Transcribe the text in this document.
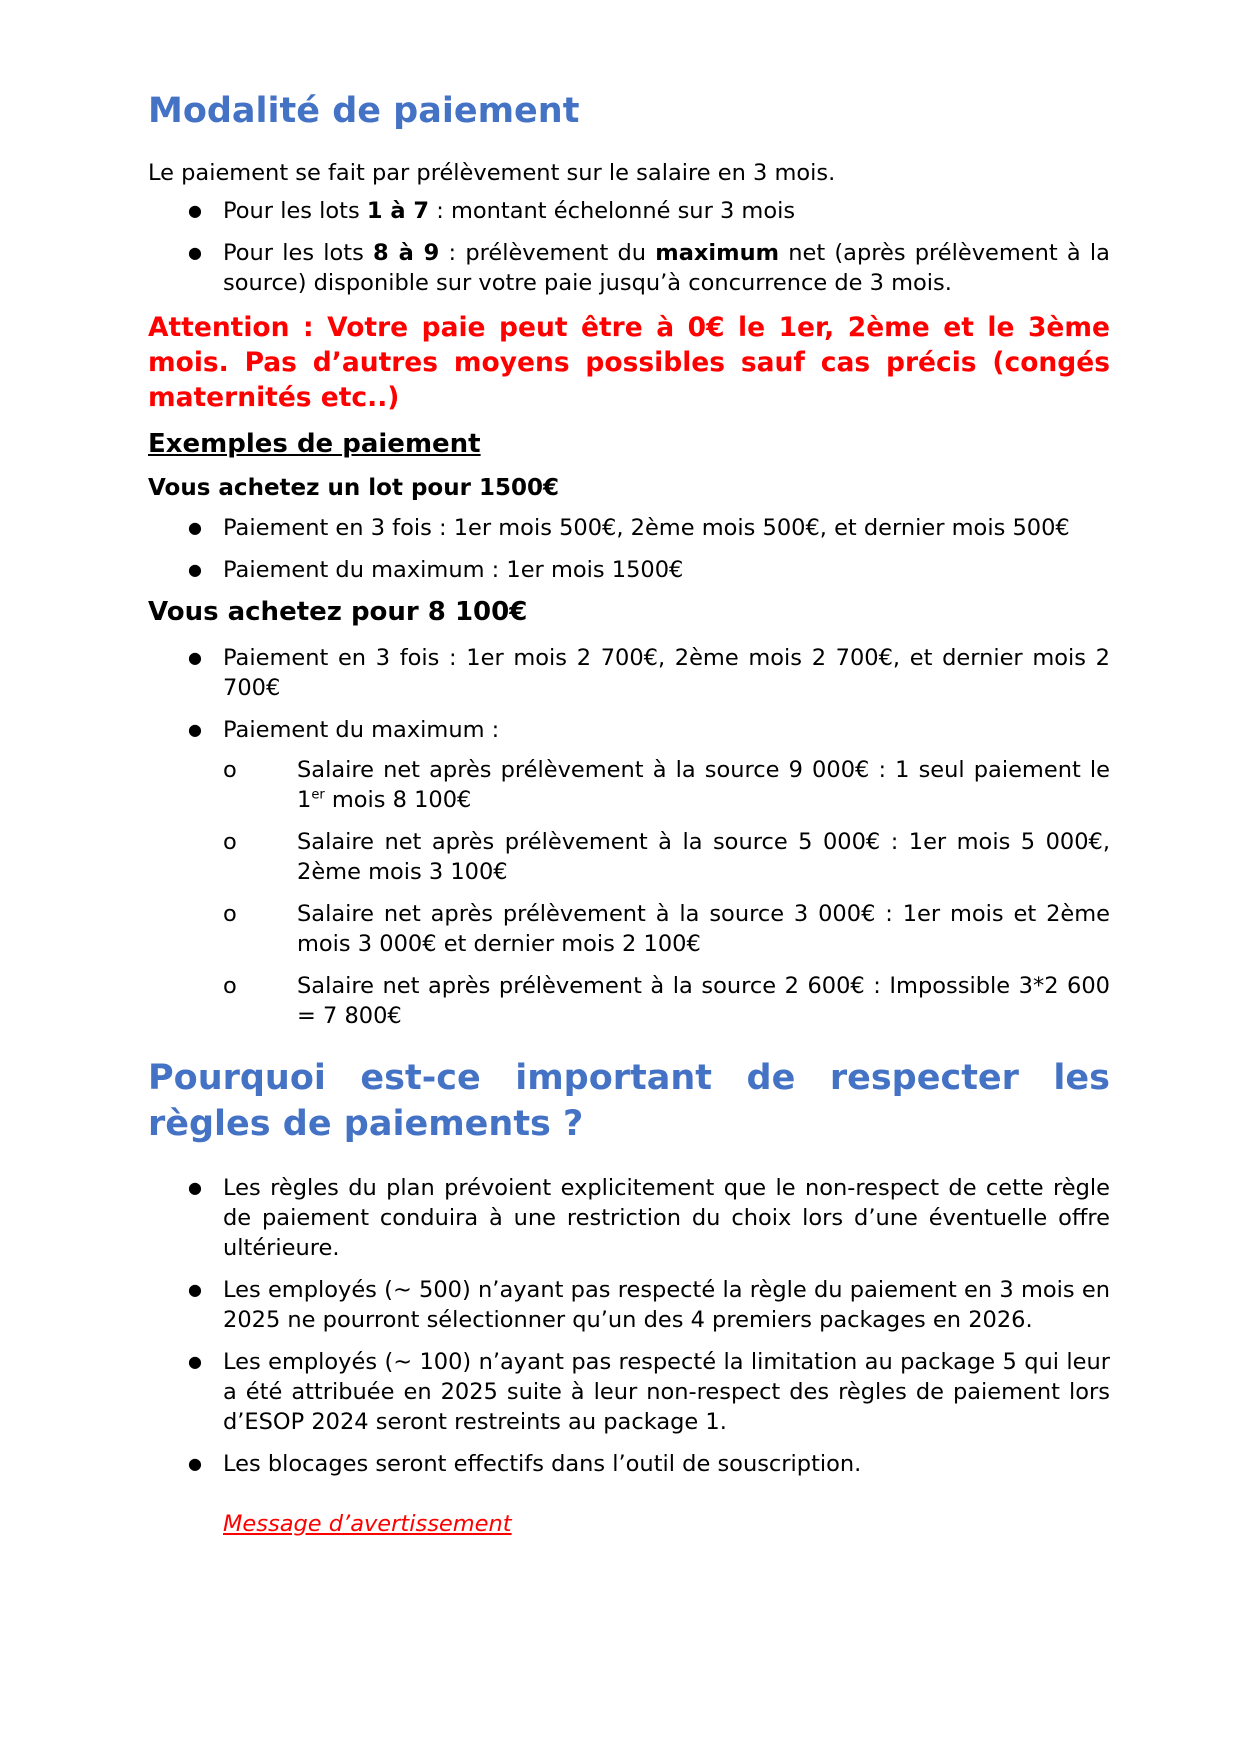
Modalité de paiement

Le paiement se fait par prélèvement sur le salaire en 3 mois.

● Pour les lots 1 à 7 : montant échelonné sur 3 mois
● Pour les lots 8 à 9 : prélèvement du maximum net (après prélèvement à la source) disponible sur votre paie jusqu’à concurrence de 3 mois.

Attention : Votre paie peut être à 0€ le 1er, 2ème et le 3ème mois. Pas d’autres moyens possibles sauf cas précis (congés maternités etc..)

Exemples de paiement

Vous achetez un lot pour 1500€

● Paiement en 3 fois : 1er mois 500€, 2ème mois 500€, et dernier mois 500€
● Paiement du maximum : 1er mois 1500€

Vous achetez pour 8 100€

● Paiement en 3 fois : 1er mois 2 700€, 2ème mois 2 700€, et dernier mois 2 700€
● Paiement du maximum :
o	Salaire net après prélèvement à la source 9 000€ : 1 seul paiement le 1er mois 8 100€
o	Salaire net après prélèvement à la source 5 000€ : 1er mois 5 000€, 2ème mois 3 100€
o	Salaire net après prélèvement à la source 3 000€ : 1er mois et 2ème mois 3 000€ et dernier mois 2 100€
o	Salaire net après prélèvement à la source 2 600€ : Impossible 3*2 600 = 7 800€
Pourquoi est-ce important de respecter les règles de paiements ?
● Les règles du plan prévoient explicitement que le non-respect de cette règle de paiement conduira à une restriction du choix lors d’une éventuelle offre ultérieure.
● Les employés (~ 500) n’ayant pas respecté la règle du paiement en 3 mois en 2025 ne pourront sélectionner qu’un des 4 premiers packages en 2026.
● Les employés (~ 100) n’ayant pas respecté la limitation au package 5 qui leur a été attribuée en 2025 suite à leur non-respect des règles de paiement lors d’ESOP 2024 seront restreints au package 1.
● Les blocages seront effectifs dans l’outil de souscription.
Message d’avertissement
